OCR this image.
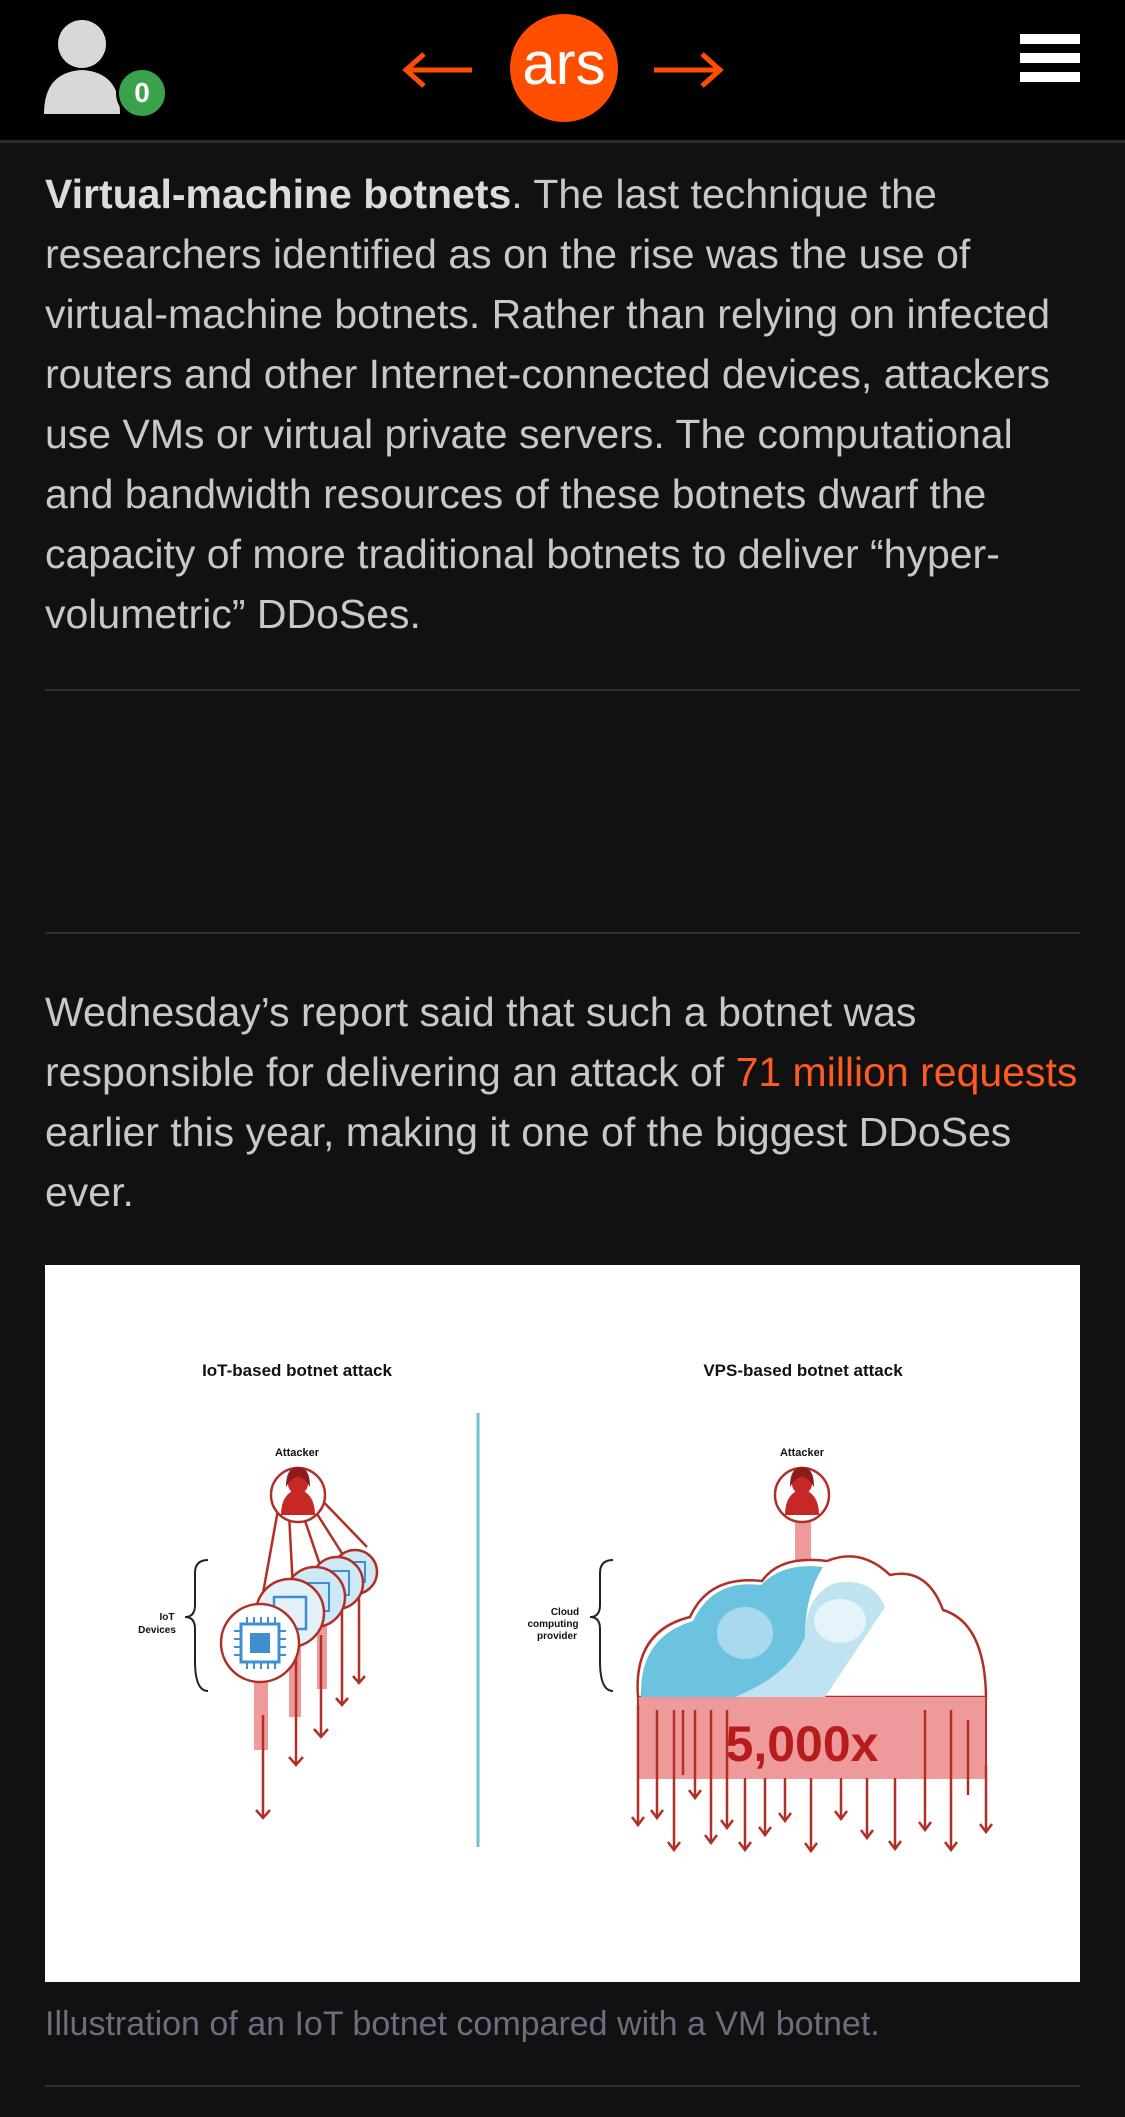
0	ars

Virtual-machine botnets. The last technique the researchers identified as on the rise was the use of virtual-machine botnets. Rather than relying on infected routers and other Internet-connected devices, attackers use VMs or virtual private servers. The computational and bandwidth resources of these botnets dwarf the capacity of more traditional botnets to deliver “hyper-volumetric” DDoSes.

Wednesday’s report said that such a botnet was responsible for delivering an attack of 71 million requests earlier this year, making it one of the biggest DDoSes ever.

IoT-based botnet attack	VPS-based botnet attack
Attacker
IoT
Devices
Attacker
5,000x
Cloud
computing
provider

Illustration of an IoT botnet compared with a VM botnet.
